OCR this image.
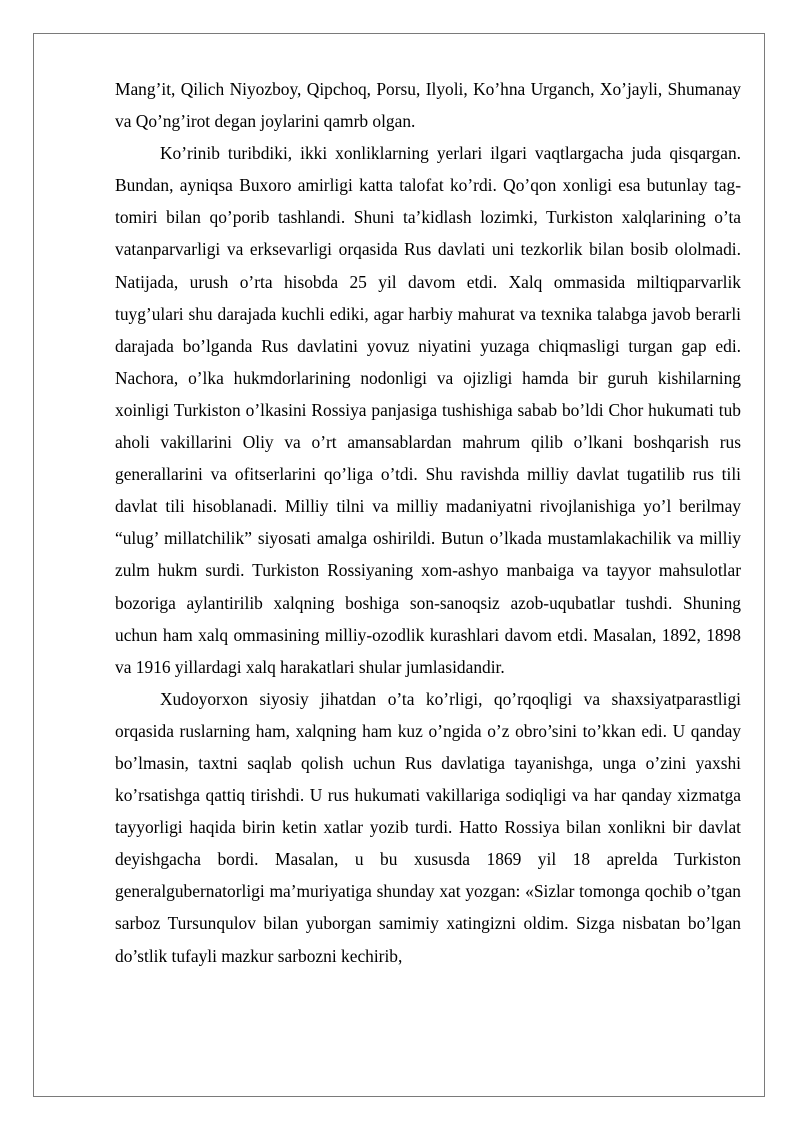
Mang’it, Qilich Niyozboy, Qipchoq, Porsu, Ilyoli, Ko’hna Urganch, Xo’jayli, Shumanay va Qo’ng’irot degan joylarini qamrb olgan.

Ko’rinib turibdiki, ikki xonliklarning yerlari ilgari vaqtlargacha juda qisqargan. Bundan, ayniqsa Buxoro amirligi katta talofat ko’rdi. Qo’qon xonligi esa butunlay tag-tomiri bilan qo’porib tashlandi. Shuni ta’kidlash lozimki, Turkiston xalqlarining o’ta vatanparvarligi va erksevarligi orqasida Rus davlati uni tezkorlik bilan bosib ololmadi. Natijada, urush o’rta hisobda 25 yil davom etdi. Xalq ommasida miltiqparvarlik tuyg’ulari shu darajada kuchli ediki, agar harbiy mahurat va texnika talabga javob berarli darajada bo’lganda Rus davlatini yovuz niyatini yuzaga chiqmasligi turgan gap edi. Nachora, o’lka hukmdorlarining nodonligi va ojizligi hamda bir guruh kishilarning xoinligi Turkiston o’lkasini Rossiya panjasiga tushishiga sabab bo’ldi Chor hukumati tub aholi vakillarini Oliy va o’rt amansablardan mahrum qilib o’lkani boshqarish rus generallarini va ofitserlarini qo’liga o’tdi. Shu ravishda milliy davlat tugatilib rus tili davlat tili hisoblanadi. Milliy tilni va milliy madaniyatni rivojlanishiga yo’l berilmay “ulug’ millatchilik” siyosati amalga oshirildi. Butun o’lkada mustamlakachilik va milliy zulm hukm surdi. Turkiston Rossiyaning xom-ashyo manbaiga va tayyor mahsulotlar bozoriga aylantirilib xalqning boshiga son-sanoqsiz azob-uqubatlar tushdi. Shuning uchun ham xalq ommasining milliy-ozodlik kurashlari davom etdi. Masalan, 1892, 1898 va 1916 yillardagi xalq harakatlari shular jumlasidandir.

Xudoyorxon siyosiy jihatdan o’ta ko’rligi, qo’rqoqligi va shaxsiyatparastligi orqasida ruslarning ham, xalqning ham kuz o’ngida o’z obro’sini to’kkan edi. U qanday bo’lmasin, taxtni saqlab qolish uchun Rus davlatiga tayanishga, unga o’zini yaxshi ko’rsatishga qattiq tirishdi. U rus hukumati vakillariga sodiqligi va har qanday xizmatga tayyorligi haqida birin ketin xatlar yozib turdi. Hatto Rossiya bilan xonlikni bir davlat deyishgacha bordi. Masalan, u bu xususda 1869 yil 18 aprelda Turkiston generalgubernatorligi ma’muriyatiga shunday xat yozgan: «Sizlar tomonga qochib o’tgan sarboz Tursunqulov bilan yuborgan samimiy xatingizni oldim. Sizga nisbatan bo’lgan do’stlik tufayli mazkur sarbozni kechirib,
